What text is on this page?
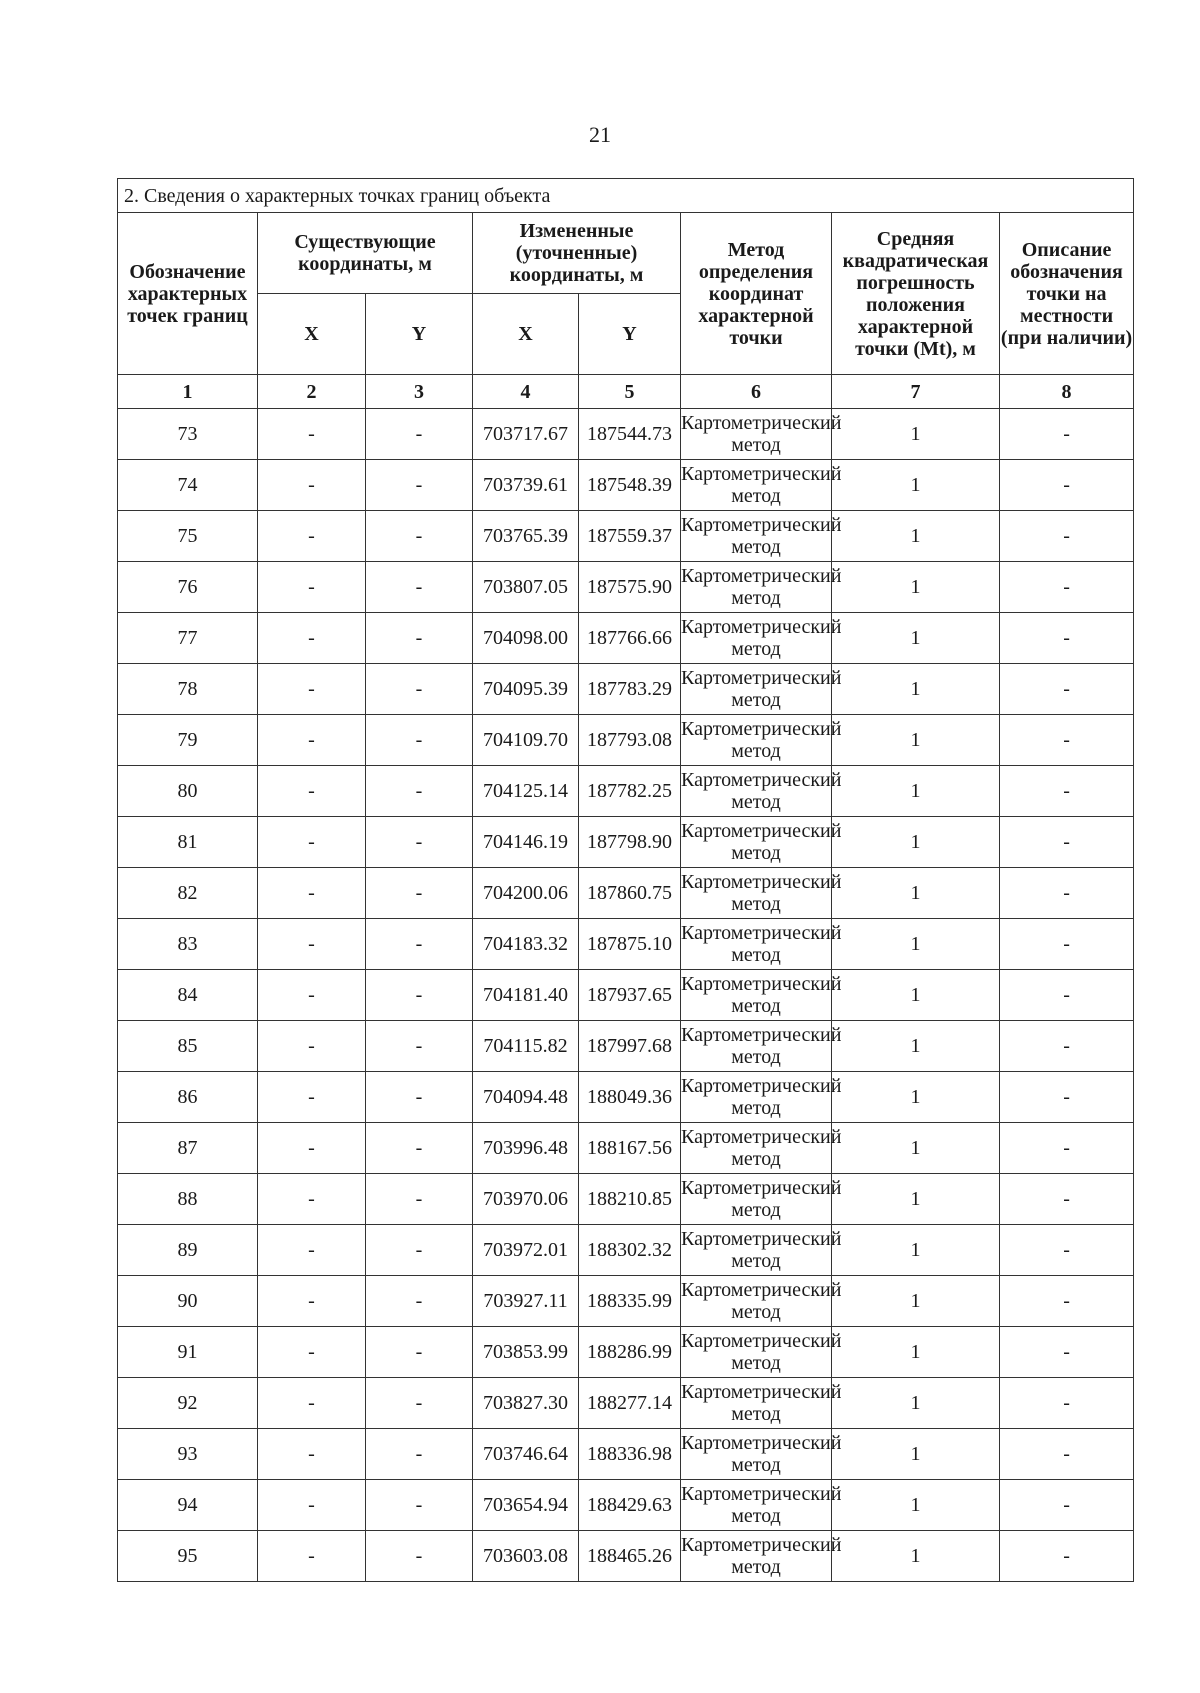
21
2. Сведения о характерных точках границ объекта							
Обозначение характерных точек границ	Существующие координаты, м		Измененные (уточненные) координаты, м		Метод определения координат характерной точки	Средняя квадратическая погрешность положения характерной точки (Mt), м	Описание обозначения точки на местности (при наличии)
	X	Y	X	Y			
1	2	3	4	5	6	7	8
73	-	-	703717.67	187544.73	Картометрический метод	1	-
74	-	-	703739.61	187548.39	Картометрический метод	1	-
75	-	-	703765.39	187559.37	Картометрический метод	1	-
76	-	-	703807.05	187575.90	Картометрический метод	1	-
77	-	-	704098.00	187766.66	Картометрический метод	1	-
78	-	-	704095.39	187783.29	Картометрический метод	1	-
79	-	-	704109.70	187793.08	Картометрический метод	1	-
80	-	-	704125.14	187782.25	Картометрический метод	1	-
81	-	-	704146.19	187798.90	Картометрический метод	1	-
82	-	-	704200.06	187860.75	Картометрический метод	1	-
83	-	-	704183.32	187875.10	Картометрический метод	1	-
84	-	-	704181.40	187937.65	Картометрический метод	1	-
85	-	-	704115.82	187997.68	Картометрический метод	1	-
86	-	-	704094.48	188049.36	Картометрический метод	1	-
87	-	-	703996.48	188167.56	Картометрический метод	1	-
88	-	-	703970.06	188210.85	Картометрический метод	1	-
89	-	-	703972.01	188302.32	Картометрический метод	1	-
90	-	-	703927.11	188335.99	Картометрический метод	1	-
91	-	-	703853.99	188286.99	Картометрический метод	1	-
92	-	-	703827.30	188277.14	Картометрический метод	1	-
93	-	-	703746.64	188336.98	Картометрический метод	1	-
94	-	-	703654.94	188429.63	Картометрический метод	1	-
95	-	-	703603.08	188465.26	Картометрический метод	1	-
